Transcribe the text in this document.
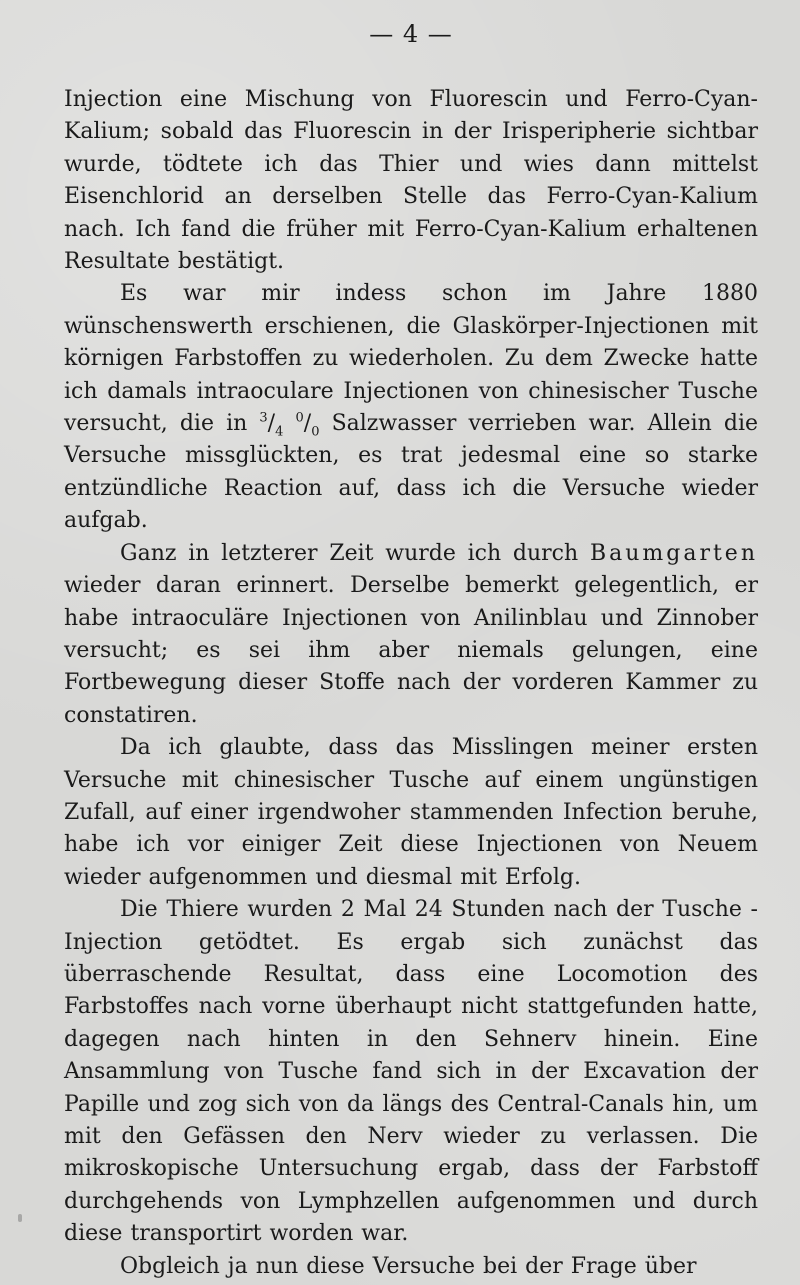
— 4 —

Injection eine Mischung von Fluorescin und Ferro-Cyan-Kalium; sobald das Fluorescin in der Irisperipherie sichtbar wurde, tödtete ich das Thier und wies dann mittelst Eisenchlorid an derselben Stelle das Ferro-Cyan-Kalium nach. Ich fand die früher mit Ferro-Cyan-Kalium erhaltenen Resultate bestätigt.

Es war mir indess schon im Jahre 1880 wünschenswerth erschienen, die Glaskörper-Injectionen mit körnigen Farbstoffen zu wiederholen. Zu dem Zwecke hatte ich damals intraoculare Injectionen von chinesischer Tusche versucht, die in $^3/_4$ $^0/_0$ Salzwasser verrieben war. Allein die Versuche missglückten, es trat jedesmal eine so starke entzündliche Reaction auf, dass ich die Versuche wieder aufgab.

Ganz in letzterer Zeit wurde ich durch Baumgarten wieder daran erinnert. Derselbe bemerkt gelegentlich, er habe intraoculäre Injectionen von Anilinblau und Zinnober versucht; es sei ihm aber niemals gelungen, eine Fortbewegung dieser Stoffe nach der vorderen Kammer zu constatiren.

Da ich glaubte, dass das Misslingen meiner ersten Versuche mit chinesischer Tusche auf einem ungünstigen Zufall, auf einer irgendwoher stammenden Infection beruhe, habe ich vor einiger Zeit diese Injectionen von Neuem wieder aufgenommen und diesmal mit Erfolg.

Die Thiere wurden 2 Mal 24 Stunden nach der Tusche - Injection getödtet. Es ergab sich zunächst das überraschende Resultat, dass eine Locomotion des Farbstoffes nach vorne überhaupt nicht stattgefunden hatte, dagegen nach hinten in den Sehnerv hinein. Eine Ansammlung von Tusche fand sich in der Excavation der Papille und zog sich von da längs des Central-Canals hin, um mit den Gefässen den Nerv wieder zu verlassen. Die mikroskopische Untersuchung ergab, dass der Farbstoff durchgehends von Lymphzellen aufgenommen und durch diese transportirt worden war.

Obgleich ja nun diese Versuche bei der Frage über
